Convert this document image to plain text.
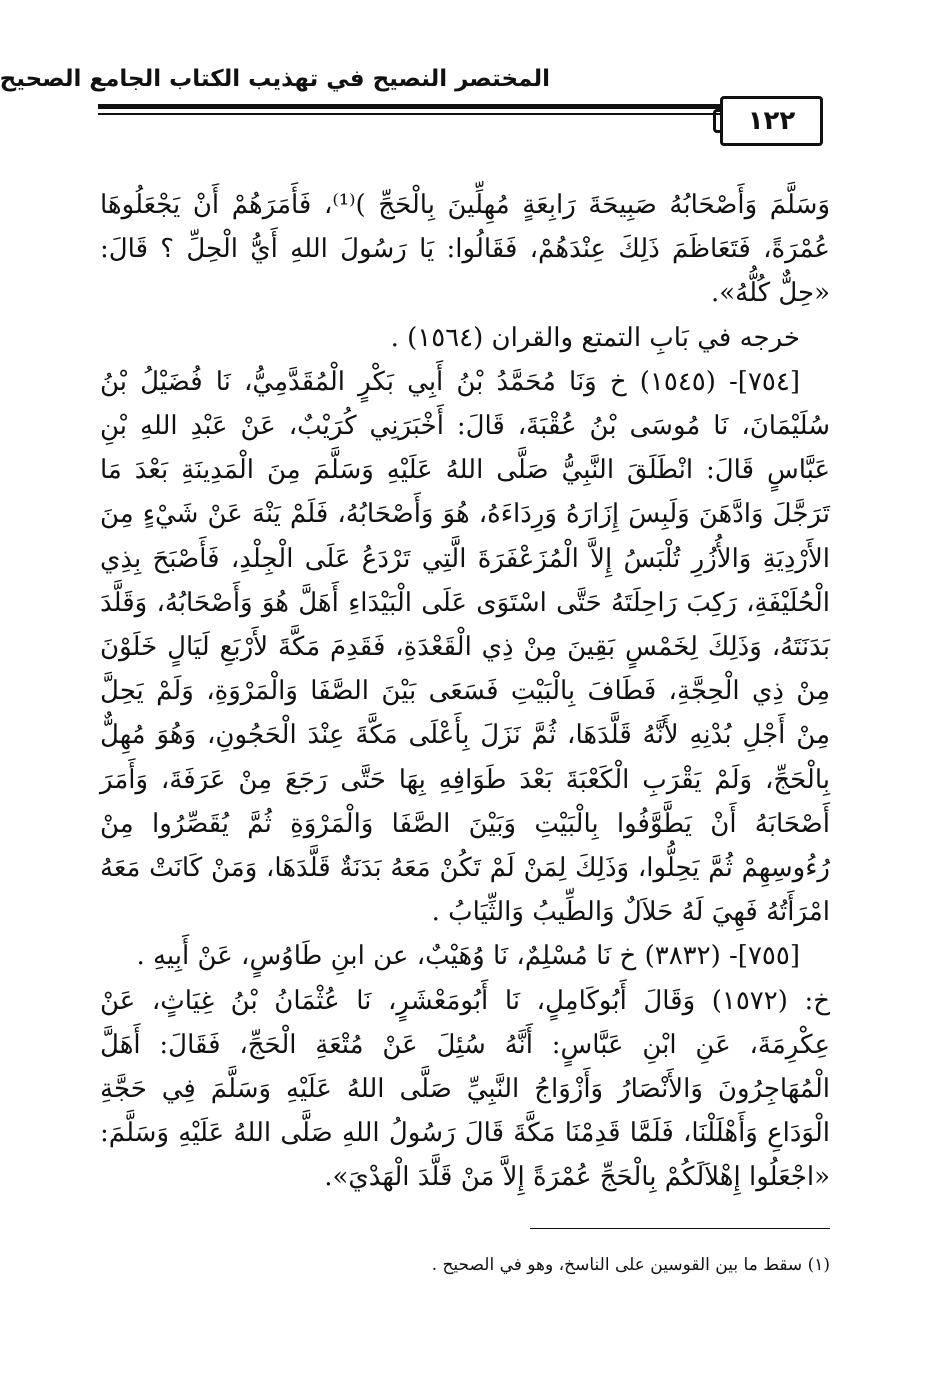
المختصر النصيح في تهذيب الكتاب الجامع الصحيح
١٢٢

وَسَلَّمَ وَأَصْحَابُهُ صَبِيحَةَ رَابِعَةٍ مُهِلِّينَ بِالْحَجِّ )⁽¹⁾، فَأَمَرَهُمْ أَنْ يَجْعَلُوهَا عُمْرَةً، فَتَعَاظَمَ ذَلِكَ عِنْدَهُمْ، فَقَالُوا: يَا رَسُولَ اللهِ أَيُّ الْحِلِّ ؟ قَالَ: «حِلٌّ كُلُّهُ».

خرجه في بَابِ التمتع والقران (١٥٦٤) .

[٧٥٤]- (١٥٤٥) خ وَنَا مُحَمَّدُ بْنُ أَبِي بَكْرٍ الْمُقَدَّمِيُّ، نَا فُضَيْلُ بْنُ سُلَيْمَانَ، نَا مُوسَى بْنُ عُقْبَةَ، قَالَ: أَخْبَرَنِي كُرَيْبٌ، عَنْ عَبْدِ اللهِ بْنِ عَبَّاسٍ قَالَ: انْطَلَقَ النَّبِيُّ صَلَّى اللهُ عَلَيْهِ وَسَلَّمَ مِنَ الْمَدِينَةِ بَعْدَ مَا تَرَجَّلَ وَادَّهَنَ وَلَبِسَ إِزَارَهُ وَرِدَاءَهُ، هُوَ وَأَصْحَابُهُ، فَلَمْ يَنْهَ عَنْ شَيْءٍ مِنَ الأَرْدِيَةِ وَالأُزُرِ تُلْبَسُ إِلاَّ الْمُزَعْفَرَةَ الَّتِي تَرْدَعُ عَلَى الْجِلْدِ، فَأَصْبَحَ بِذِي الْحُلَيْفَةِ، رَكِبَ رَاحِلَتَهُ حَتَّى اسْتَوَى عَلَى الْبَيْدَاءِ أَهَلَّ هُوَ وَأَصْحَابُهُ، وَقَلَّدَ بَدَنَتَهُ، وَذَلِكَ لِخَمْسٍ بَقِينَ مِنْ ذِي الْقَعْدَةِ، فَقَدِمَ مَكَّةَ لأَرْبَعِ لَيَالٍ خَلَوْنَ مِنْ ذِي الْحِجَّةِ، فَطَافَ بِالْبَيْتِ فَسَعَى بَيْنَ الصَّفَا وَالْمَرْوَةِ، وَلَمْ يَحِلَّ مِنْ أَجْلِ بُدْنِهِ لأَنَّهُ قَلَّدَهَا، ثُمَّ نَزَلَ بِأَعْلَى مَكَّةَ عِنْدَ الْحَجُونِ، وَهُوَ مُهِلٌّ بِالْحَجِّ، وَلَمْ يَقْرَبِ الْكَعْبَةَ بَعْدَ طَوَافِهِ بِهَا حَتَّى رَجَعَ مِنْ عَرَفَةَ، وَأَمَرَ أَصْحَابَهُ أَنْ يَطَّوَّفُوا بِالْبَيْتِ وَبَيْنَ الصَّفَا وَالْمَرْوَةِ ثُمَّ يُقَصِّرُوا مِنْ رُءُوسِهِمْ ثُمَّ يَحِلُّوا، وَذَلِكَ لِمَنْ لَمْ تَكُنْ مَعَهُ بَدَنَةٌ قَلَّدَهَا، وَمَنْ كَانَتْ مَعَهُ امْرَأَتُهُ فَهِيَ لَهُ حَلاَلٌ وَالطِّيبُ وَالثِّيَابُ .

[٧٥٥]- (٣٨٣٢) خ نَا مُسْلِمٌ، نَا وُهَيْبٌ، عن ابنِ طَاوُسٍ، عَنْ أَبِيهِ .

خ: (١٥٧٢) وَقَالَ أَبُوكَامِلٍ، نَا أَبُومَعْشَرٍ، نَا عُثْمَانُ بْنُ غِيَاثٍ، عَنْ عِكْرِمَةَ، عَنِ ابْنِ عَبَّاسٍ: أَنَّهُ سُئِلَ عَنْ مُتْعَةِ الْحَجِّ، فَقَالَ: أَهَلَّ الْمُهَاجِرُونَ وَالأَنْصَارُ وَأَزْوَاجُ النَّبِيِّ صَلَّى اللهُ عَلَيْهِ وَسَلَّمَ فِي حَجَّةِ الْوَدَاعِ وَأَهْلَلْنَا، فَلَمَّا قَدِمْنَا مَكَّةَ قَالَ رَسُولُ اللهِ صَلَّى اللهُ عَلَيْهِ وَسَلَّمَ: «اجْعَلُوا إِهْلاَلَكُمْ بِالْحَجِّ عُمْرَةً إِلاَّ مَنْ قَلَّدَ الْهَدْيَ».

(١) سقط ما بين القوسين على الناسخ، وهو في الصحيح .
